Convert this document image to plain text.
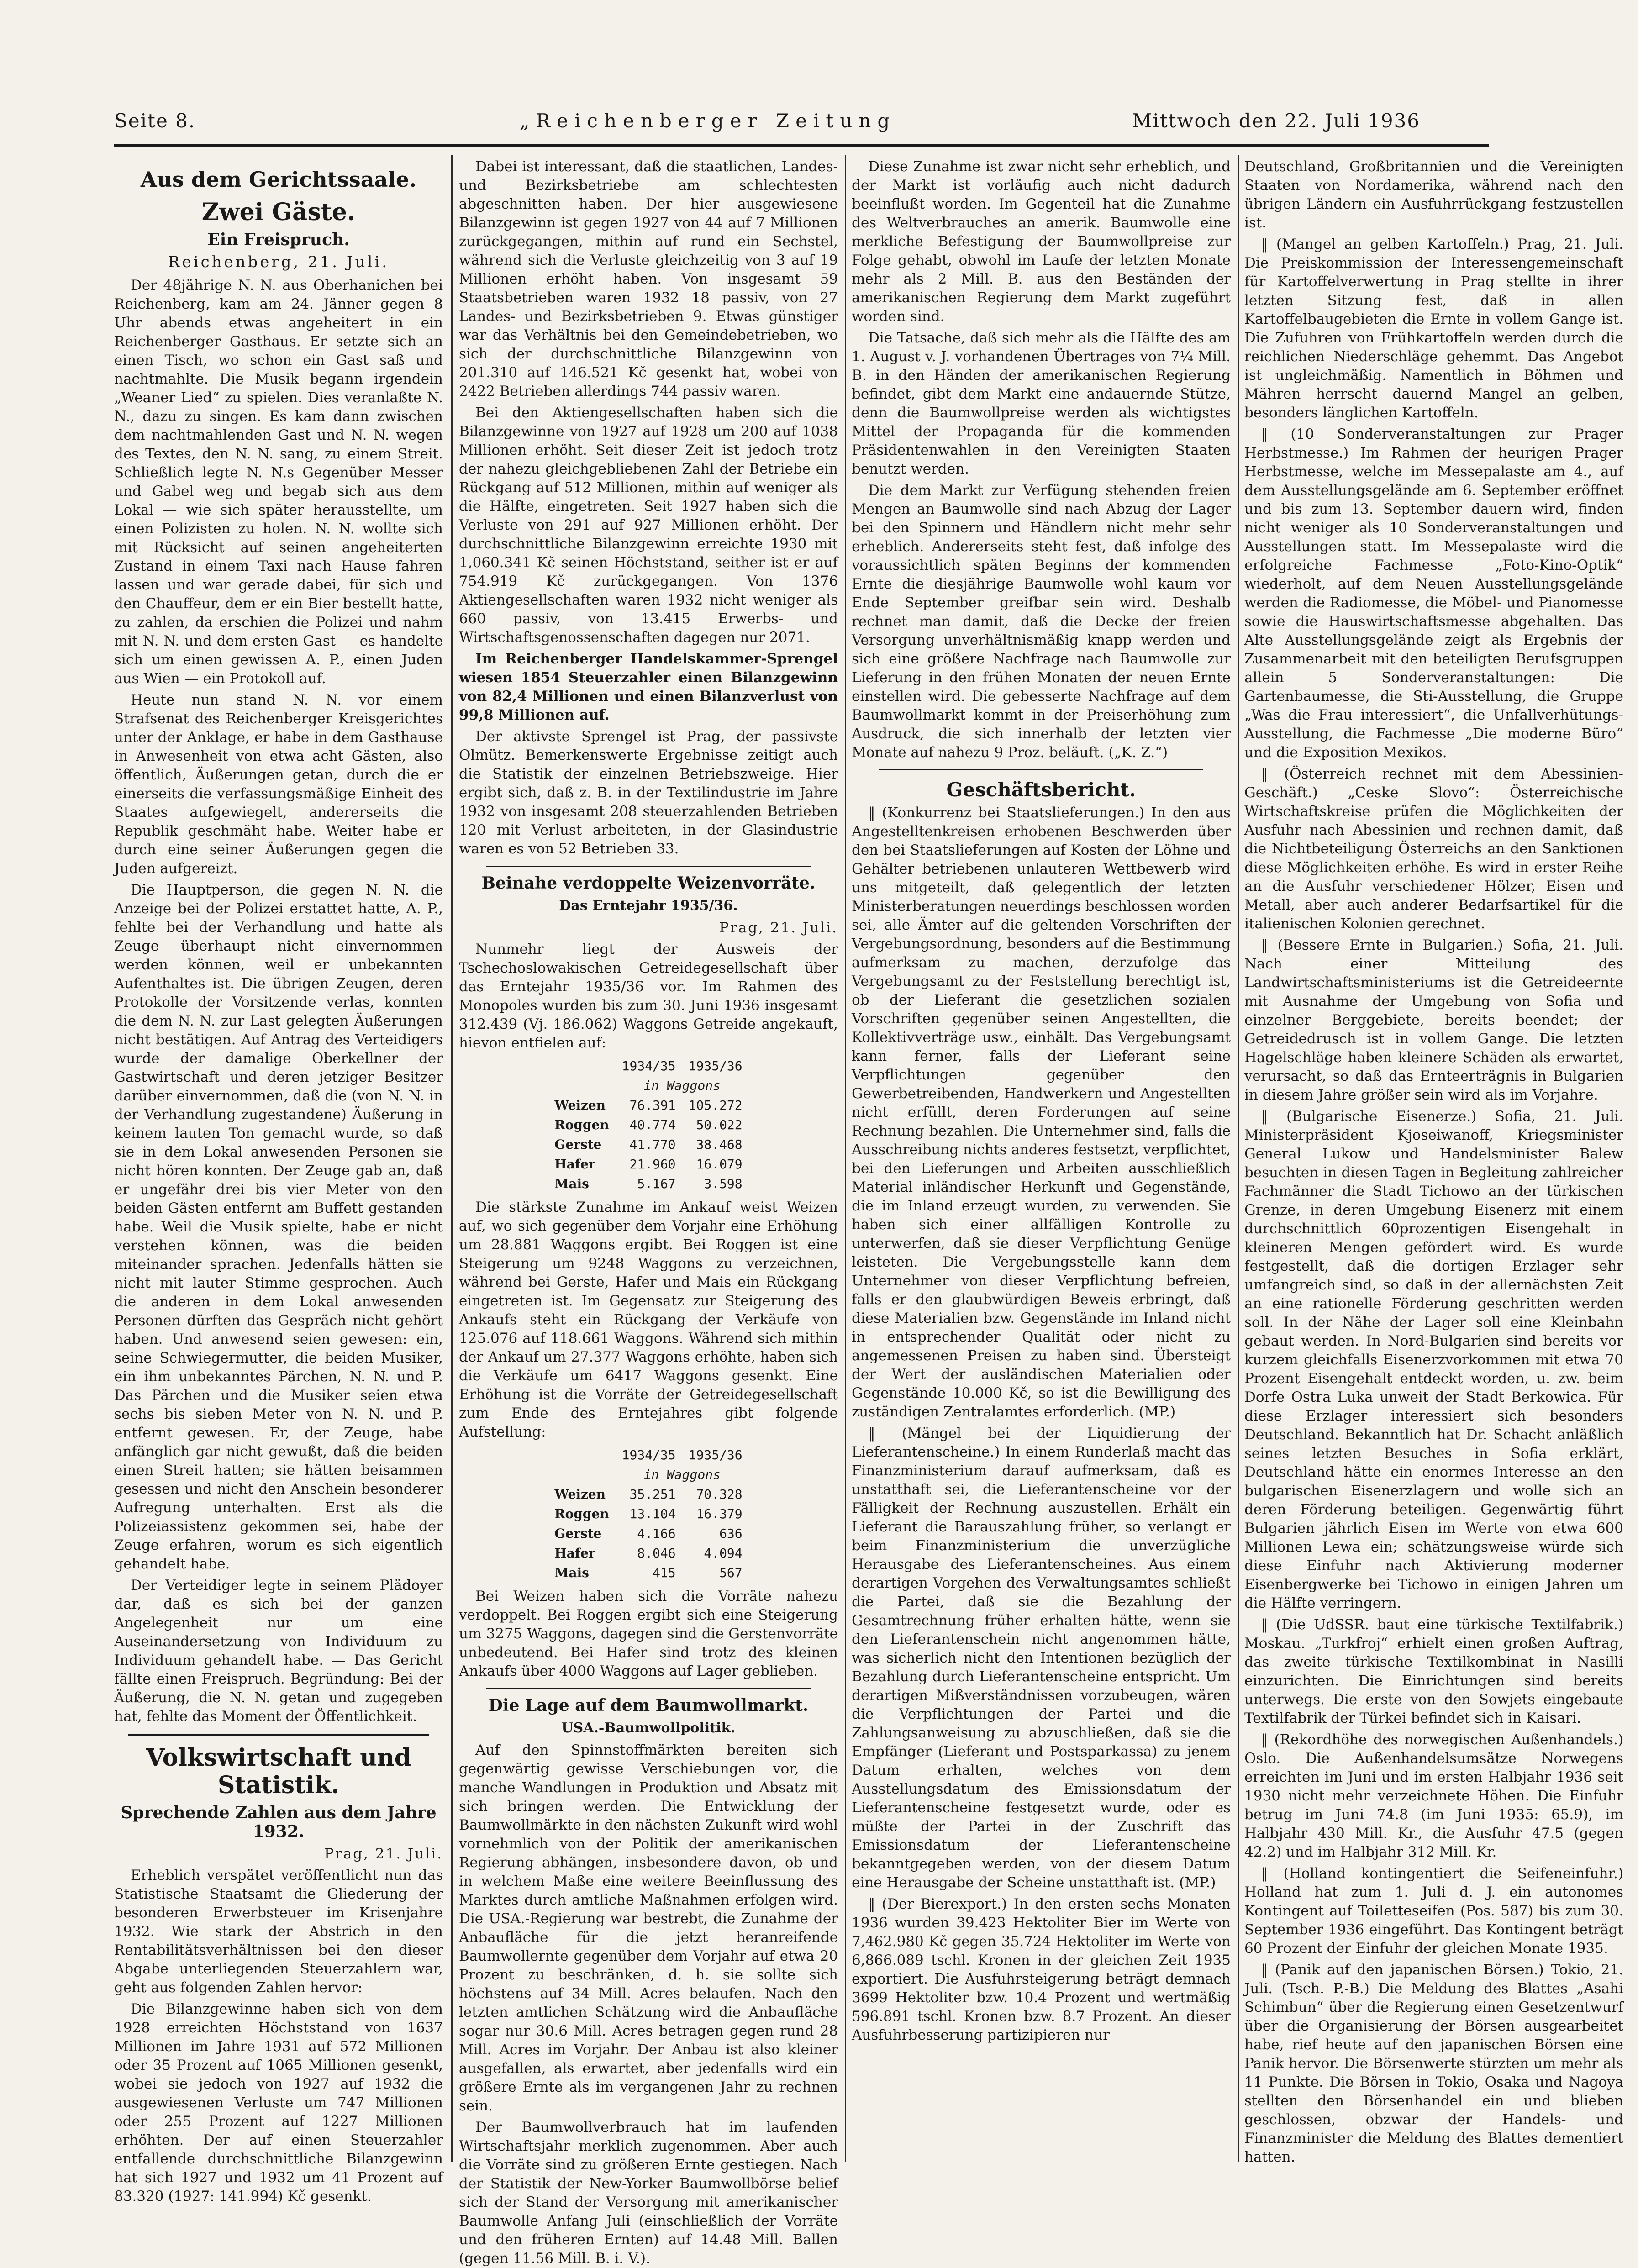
Seite 8.	„Reichenberger Zeitung	Mittwoch den 22. Juli 1936
Aus dem Gerichtssaale.
Zwei Gäste.
Ein Freispruch.
Reichenberg, 21. Juli.

Der 48jährige N. N. aus Oberhanichen bei Reichenberg, kam am 24. Jänner gegen 8 Uhr abends etwas angeheitert in ein Reichenberger Gasthaus. Er setzte sich an einen Tisch, wo schon ein Gast saß und nachtmahlte. Die Musik begann irgendein „Weaner Lied“ zu spielen. Dies veranlaßte N. N., dazu zu singen. Es kam dann zwischen dem nachtmahlenden Gast und N. N. wegen des Textes, den N. N. sang, zu einem Streit. Schließlich legte N. N.s Gegenüber Messer und Gabel weg und begab sich aus dem Lokal — wie sich später herausstellte, um einen Polizisten zu holen. N. N. wollte sich mit Rücksicht auf seinen angeheiterten Zustand in einem Taxi nach Hause fahren lassen und war gerade dabei, für sich und den Chauffeur, dem er ein Bier bestellt hatte, zu zahlen, da erschien die Polizei und nahm mit N. N. und dem ersten Gast — es handelte sich um einen gewissen A. P., einen Juden aus Wien — ein Protokoll auf.

Heute nun stand N. N. vor einem Strafsenat des Reichenberger Kreisgerichtes unter der Anklage, er habe in dem Gasthause in Anwesenheit von etwa acht Gästen, also öffentlich, Äußerungen getan, durch die er einerseits die verfassungsmäßige Einheit des Staates aufgewiegelt, andererseits die Republik geschmäht habe. Weiter habe er durch eine seiner Äußerungen gegen die Juden aufgereizt.

Die Hauptperson, die gegen N. N. die Anzeige bei der Polizei erstattet hatte, A. P., fehlte bei der Verhandlung und hatte als Zeuge überhaupt nicht einvernommen werden können, weil er unbekannten Aufenthaltes ist. Die übrigen Zeugen, deren Protokolle der Vorsitzende verlas, konnten die dem N. N. zur Last gelegten Äußerungen nicht bestätigen. Auf Antrag des Verteidigers wurde der damalige Oberkellner der Gastwirtschaft und deren jetziger Besitzer darüber einvernommen, daß die (von N. N. in der Verhandlung zugestandene) Äußerung in keinem lauten Ton gemacht wurde, so daß sie in dem Lokal anwesenden Personen sie nicht hören konnten. Der Zeuge gab an, daß er ungefähr drei bis vier Meter von den beiden Gästen entfernt am Buffett gestanden habe. Weil die Musik spielte, habe er nicht verstehen können, was die beiden miteinander sprachen. Jedenfalls hätten sie nicht mit lauter Stimme gesprochen. Auch die anderen in dem Lokal anwesenden Personen dürften das Gespräch nicht gehört haben. Und anwesend seien gewesen: ein, seine Schwiegermutter, die beiden Musiker, ein ihm unbekanntes Pärchen, N. N. und P. Das Pärchen und die Musiker seien etwa sechs bis sieben Meter von N. N. und P. entfernt gewesen. Er, der Zeuge, habe anfänglich gar nicht gewußt, daß die beiden einen Streit hatten; sie hätten beisammen gesessen und nicht den Anschein besonderer Aufregung unterhalten. Erst als die Polizeiassistenz gekommen sei, habe der Zeuge erfahren, worum es sich eigentlich gehandelt habe.

Der Verteidiger legte in seinem Plädoyer dar, daß es sich bei der ganzen Angelegenheit nur um eine Auseinandersetzung von Individuum zu Individuum gehandelt habe. — Das Gericht fällte einen Freispruch. Begründung: Bei der Äußerung, die N. N. getan und zugegeben hat, fehlte das Moment der Öffentlichkeit.

Volkswirtschaft und Statistik.
Sprechende Zahlen aus dem Jahre 1932.
Prag, 21. Juli.

Erheblich verspätet veröffentlicht nun das Statistische Staatsamt die Gliederung der besonderen Erwerbsteuer im Krisenjahre 1932. Wie stark der Abstrich in den Rentabilitätsverhältnissen bei den dieser Abgabe unterliegenden Steuerzahlern war, geht aus folgenden Zahlen hervor:

Die Bilanzgewinne haben sich von dem 1928 erreichten Höchststand von 1637 Millionen im Jahre 1931 auf 572 Millionen oder 35 Prozent auf 1065 Millionen gesenkt, wobei sie jedoch von 1927 auf 1932 die ausgewiesenen Verluste um 747 Millionen oder 255 Prozent auf 1227 Millionen erhöhten. Der auf einen Steuerzahler entfallende durchschnittliche Bilanzgewinn hat sich 1927 und 1932 um 41 Prozent auf 83.320 (1927: 141.994) Kč gesenkt.

Dabei ist interessant, daß die staatlichen, Landes- und Bezirksbetriebe am schlechtesten abgeschnitten haben. Der hier ausgewiesene Bilanzgewinn ist gegen 1927 von 44 auf 7 Millionen zurückgegangen, mithin auf rund ein Sechstel, während sich die Verluste gleichzeitig von 3 auf 19 Millionen erhöht haben. Von insgesamt 59 Staatsbetrieben waren 1932 18 passiv, von 27 Landes- und Bezirksbetrieben 9. Etwas günstiger war das Verhältnis bei den Gemeindebetrieben, wo sich der durchschnittliche Bilanzgewinn von 201.310 auf 146.521 Kč gesenkt hat, wobei von 2422 Betrieben allerdings 744 passiv waren.

Bei den Aktiengesellschaften haben sich die Bilanzgewinne von 1927 auf 1928 um 200 auf 1038 Millionen erhöht. Seit dieser Zeit ist jedoch trotz der nahezu gleichgebliebenen Zahl der Betriebe ein Rückgang auf 512 Millionen, mithin auf weniger als die Hälfte, eingetreten. Seit 1927 haben sich die Verluste von 291 auf 927 Millionen erhöht. Der durchschnittliche Bilanzgewinn erreichte 1930 mit 1,060.341 Kč seinen Höchststand, seither ist er auf 754.919 Kč zurückgegangen. Von 1376 Aktiengesellschaften waren 1932 nicht weniger als 660 passiv, von 13.415 Erwerbs- und Wirtschaftsgenossenschaften dagegen nur 2071.

Im Reichenberger Handelskammer-Sprengel wiesen 1854 Steuerzahler einen Bilanzgewinn von 82,4 Millionen und einen Bilanzverlust von 99,8 Millionen auf.

Der aktivste Sprengel ist Prag, der passivste Olmütz. Bemerkenswerte Ergebnisse zeitigt auch die Statistik der einzelnen Betriebszweige. Hier ergibt sich, daß z. B. in der Textilindustrie im Jahre 1932 von insgesamt 208 steuerzahlenden Betrieben 120 mit Verlust arbeiteten, in der Glasindustrie waren es von 52 Betrieben 33.

Beinahe verdoppelte Weizenvorräte.
Das Erntejahr 1935/36.
Prag, 21. Juli.

Nunmehr liegt der Ausweis der Tschechoslowakischen Getreidegesellschaft über das Erntejahr 1935/36 vor. Im Rahmen des Monopoles wurden bis zum 30. Juni 1936 insgesamt 312.439 (Vj. 186.062) Waggons Getreide angekauft, hievon entfielen auf:

	1934/35	1935/36
	in Waggons	
Weizen	76.391	105.272
Roggen	40.774	50.022
Gerste	41.770	38.468
Hafer	21.960	16.079
Mais	5.167	3.598

Die stärkste Zunahme im Ankauf weist Weizen auf, wo sich gegenüber dem Vorjahr eine Erhöhung um 28.881 Waggons ergibt. Bei Roggen ist eine Steigerung um 9248 Waggons zu verzeichnen, während bei Gerste, Hafer und Mais ein Rückgang eingetreten ist. Im Gegensatz zur Steigerung des Ankaufs steht ein Rückgang der Verkäufe von 125.076 auf 118.661 Waggons. Während sich mithin der Ankauf um 27.377 Waggons erhöhte, haben sich die Verkäufe um 6417 Waggons gesenkt. Eine Erhöhung ist die Vorräte der Getreidegesellschaft zum Ende des Erntejahres gibt folgende Aufstellung:

	1934/35	1935/36
	in Waggons	
Weizen	35.251	70.328
Roggen	13.104	16.379
Gerste	4.166	636
Hafer	8.046	4.094
Mais	415	567

Bei Weizen haben sich die Vorräte nahezu verdoppelt. Bei Roggen ergibt sich eine Steigerung um 3275 Waggons, dagegen sind die Gerstenvorräte unbedeutend. Bei Hafer sind trotz des kleinen Ankaufs über 4000 Waggons auf Lager geblieben.

Die Lage auf dem Baumwollmarkt.
USA.-Baumwollpolitik.

Auf den Spinnstoffmärkten bereiten sich gegenwärtig gewisse Verschiebungen vor, die manche Wandlungen in Produktion und Absatz mit sich bringen werden. Die Entwicklung der Baumwollmärkte in den nächsten Zukunft wird wohl vornehmlich von der Politik der amerikanischen Regierung abhängen, insbesondere davon, ob und in welchem Maße eine weitere Beeinflussung des Marktes durch amtliche Maßnahmen erfolgen wird. Die USA.-Regierung war bestrebt, die Zunahme der Anbaufläche für die jetzt heranreifende Baumwollernte gegenüber dem Vorjahr auf etwa 20 Prozent zu beschränken, d. h. sie sollte sich höchstens auf 34 Mill. Acres belaufen. Nach den letzten amtlichen Schätzung wird die Anbaufläche sogar nur 30.6 Mill. Acres betragen gegen rund 28 Mill. Acres im Vorjahr. Der Anbau ist also kleiner ausgefallen, als erwartet, aber jedenfalls wird ein größere Ernte als im vergangenen Jahr zu rechnen sein.

Der Baumwollverbrauch hat im laufenden Wirtschaftsjahr merklich zugenommen. Aber auch die Vorräte sind zu größeren Ernte gestiegen. Nach der Statistik der New-Yorker Baumwollbörse belief sich der Stand der Versorgung mit amerikanischer Baumwolle Anfang Juli (einschließlich der Vorräte und den früheren Ernten) auf 14.48 Mill. Ballen (gegen 11.56 Mill. B. i. V.).

Diese Zunahme ist zwar nicht sehr erheblich, und der Markt ist vorläufig auch nicht dadurch beeinflußt worden. Im Gegenteil hat die Zunahme des Weltverbrauches an amerik. Baumwolle eine merkliche Befestigung der Baumwollpreise zur Folge gehabt, obwohl im Laufe der letzten Monate mehr als 2 Mill. B. aus den Beständen der amerikanischen Regierung dem Markt zugeführt worden sind.

Die Tatsache, daß sich mehr als die Hälfte des am 1. August v. J. vorhandenen Übertrages von 7¼ Mill. B. in den Händen der amerikanischen Regierung befindet, gibt dem Markt eine andauernde Stütze, denn die Baumwollpreise werden als wichtigstes Mittel der Propaganda für die kommenden Präsidentenwahlen in den Vereinigten Staaten benutzt werden.

Die dem Markt zur Verfügung stehenden freien Mengen an Baumwolle sind nach Abzug der Lager bei den Spinnern und Händlern nicht mehr sehr erheblich. Andererseits steht fest, daß infolge des voraussichtlich späten Beginns der kommenden Ernte die diesjährige Baumwolle wohl kaum vor Ende September greifbar sein wird. Deshalb rechnet man damit, daß die Decke der freien Versorgung unverhältnismäßig knapp werden und sich eine größere Nachfrage nach Baumwolle zur Lieferung in den frühen Monaten der neuen Ernte einstellen wird. Die gebesserte Nachfrage auf dem Baumwollmarkt kommt in der Preiserhöhung zum Ausdruck, die sich innerhalb der letzten vier Monate auf nahezu 9 Proz. beläuft. („K. Z.“)

Geschäftsbericht.

‖ (Konkurrenz bei Staatslieferungen.) In den aus Angestelltenkreisen erhobenen Beschwerden über den bei Staatslieferungen auf Kosten der Löhne und Gehälter betriebenen unlauteren Wettbewerb wird uns mitgeteilt, daß gelegentlich der letzten Ministerberatungen neuerdings beschlossen worden sei, alle Ämter auf die geltenden Vorschriften der Vergebungsordnung, besonders auf die Bestimmung aufmerksam zu machen, derzufolge das Vergebungsamt zu der Feststellung berechtigt ist, ob der Lieferant die gesetzlichen sozialen Vorschriften gegenüber seinen Angestellten, die Kollektivverträge usw., einhält. Das Vergebungsamt kann ferner, falls der Lieferant seine Verpflichtungen gegenüber den Gewerbetreibenden, Handwerkern und Angestellten nicht erfüllt, deren Forderungen auf seine Rechnung bezahlen. Die Unternehmer sind, falls die Ausschreibung nichts anderes festsetzt, verpflichtet, bei den Lieferungen und Arbeiten ausschließlich Material inländischer Herkunft und Gegenstände, die im Inland erzeugt wurden, zu verwenden. Sie haben sich einer allfälligen Kontrolle zu unterwerfen, daß sie dieser Verpflichtung Genüge leisteten. Die Vergebungsstelle kann dem Unternehmer von dieser Verpflichtung befreien, falls er den glaubwürdigen Beweis erbringt, daß diese Materialien bzw. Gegenstände im Inland nicht in entsprechender Qualität oder nicht zu angemessenen Preisen zu haben sind. Übersteigt der Wert der ausländischen Materialien oder Gegenstände 10.000 Kč, so ist die Bewilligung des zuständigen Zentralamtes erforderlich. (MP.)

‖ (Mängel bei der Liquidierung der Lieferantenscheine.) In einem Runderlaß macht das Finanzministerium darauf aufmerksam, daß es unstatthaft sei, die Lieferantenscheine vor der Fälligkeit der Rechnung auszustellen. Erhält ein Lieferant die Barauszahlung früher, so verlangt er beim Finanzministerium die unverzügliche Herausgabe des Lieferantenscheines. Aus einem derartigen Vorgehen des Verwaltungsamtes schließt die Partei, daß sie die Bezahlung der Gesamtrechnung früher erhalten hätte, wenn sie den Lieferantenschein nicht angenommen hätte, was sicherlich nicht den Intentionen bezüglich der Bezahlung durch Lieferantenscheine entspricht. Um derartigen Mißverständnissen vorzubeugen, wären die Verpflichtungen der Partei und die Zahlungsanweisung zu abzuschließen, daß sie die Empfänger (Lieferant und Postsparkassa) zu jenem Datum erhalten, welches von dem Ausstellungsdatum des Emissionsdatum der Lieferantenscheine festgesetzt wurde, oder es müßte der Partei in der Zuschrift das Emissionsdatum der Lieferantenscheine bekanntgegeben werden, von der diesem Datum eine Herausgabe der Scheine unstatthaft ist. (MP.)

‖ (Der Bierexport.) In den ersten sechs Monaten 1936 wurden 39.423 Hektoliter Bier im Werte von 7,462.980 Kč gegen 35.724 Hektoliter im Werte von 6,866.089 tschl. Kronen in der gleichen Zeit 1935 exportiert. Die Ausfuhrsteigerung beträgt demnach 3699 Hektoliter bzw. 10.4 Prozent und wertmäßig 596.891 tschl. Kronen bzw. 8.7 Prozent. An dieser Ausfuhrbesserung partizipieren nur

Deutschland, Großbritannien und die Vereinigten Staaten von Nordamerika, während nach den übrigen Ländern ein Ausfuhrrückgang festzustellen ist.

‖ (Mangel an gelben Kartoffeln.) Prag, 21. Juli. Die Preiskommission der Interessengemeinschaft für Kartoffelverwertung in Prag stellte in ihrer letzten Sitzung fest, daß in allen Kartoffelbaugebieten die Ernte in vollem Gange ist. Die Zufuhren von Frühkartoffeln werden durch die reichlichen Niederschläge gehemmt. Das Angebot ist ungleichmäßig. Namentlich in Böhmen und Mähren herrscht dauernd Mangel an gelben, besonders länglichen Kartoffeln.

‖ (10 Sonderveranstaltungen zur Prager Herbstmesse.) Im Rahmen der heurigen Prager Herbstmesse, welche im Messepalaste am 4., auf dem Ausstellungsgelände am 6. September eröffnet und bis zum 13. September dauern wird, finden nicht weniger als 10 Sonderveranstaltungen und Ausstellungen statt. Im Messepalaste wird die erfolgreiche Fachmesse „Foto-Kino-Optik“ wiederholt, auf dem Neuen Ausstellungsgelände werden die Radiomesse, die Möbel- und Pianomesse sowie die Hauswirtschaftsmesse abgehalten. Das Alte Ausstellungsgelände zeigt als Ergebnis der Zusammenarbeit mit den beteiligten Berufsgruppen allein 5 Sonderveranstaltungen: Die Gartenbaumesse, die Sti-Ausstellung, die Gruppe „Was die Frau interessiert“, die Unfallverhütungs-Ausstellung, die Fachmesse „Die moderne Büro“ und die Exposition Mexikos.

‖ (Österreich rechnet mit dem Abessinien-Geschäft.) „Ceske Slovo“: Österreichische Wirtschaftskreise prüfen die Möglichkeiten der Ausfuhr nach Abessinien und rechnen damit, daß die Nichtbeteiligung Österreichs an den Sanktionen diese Möglichkeiten erhöhe. Es wird in erster Reihe an die Ausfuhr verschiedener Hölzer, Eisen und Metall, aber auch anderer Bedarfsartikel für die italienischen Kolonien gerechnet.

‖ (Bessere Ernte in Bulgarien.) Sofia, 21. Juli. Nach einer Mitteilung des Landwirtschaftsministeriums ist die Getreideernte mit Ausnahme der Umgebung von Sofia und einzelner Berggebiete, bereits beendet; der Getreidedrusch ist in vollem Gange. Die letzten Hagelschläge haben kleinere Schäden als erwartet, verursacht, so daß das Ernteerträgnis in Bulgarien in diesem Jahre größer sein wird als im Vorjahre.

‖ (Bulgarische Eisenerze.) Sofia, 21. Juli. Ministerpräsident Kjoseiwanoff, Kriegsminister General Lukow und Handelsminister Balew besuchten in diesen Tagen in Begleitung zahlreicher Fachmänner die Stadt Tichowo an der türkischen Grenze, in deren Umgebung Eisenerz mit einem durchschnittlich 60prozentigen Eisengehalt in kleineren Mengen gefördert wird. Es wurde festgestellt, daß die dortigen Erzlager sehr umfangreich sind, so daß in der allernächsten Zeit an eine rationelle Förderung geschritten werden soll. In der Nähe der Lager soll eine Kleinbahn gebaut werden. In Nord-Bulgarien sind bereits vor kurzem gleichfalls Eisenerzvorkommen mit etwa 70 Prozent Eisengehalt entdeckt worden, u. zw. beim Dorfe Ostra Luka unweit der Stadt Berkowica. Für diese Erzlager interessiert sich besonders Deutschland. Bekanntlich hat Dr. Schacht anläßlich seines letzten Besuches in Sofia erklärt, Deutschland hätte ein enormes Interesse an den bulgarischen Eisenerzlagern und wolle sich an deren Förderung beteiligen. Gegenwärtig führt Bulgarien jährlich Eisen im Werte von etwa 600 Millionen Lewa ein; schätzungsweise würde sich diese Einfuhr nach Aktivierung moderner Eisenbergwerke bei Tichowo in einigen Jahren um die Hälfte verringern.

‖ (Die UdSSR. baut eine türkische Textilfabrik.) Moskau. „Turkfroj“ erhielt einen großen Auftrag, das zweite türkische Textilkombinat in Nasilli einzurichten. Die Einrichtungen sind bereits unterwegs. Die erste von den Sowjets eingebaute Textilfabrik der Türkei befindet sich in Kaisari.

‖ (Rekordhöhe des norwegischen Außenhandels.) Oslo. Die Außenhandelsumsätze Norwegens erreichten im Juni und im ersten Halbjahr 1936 seit 1930 nicht mehr verzeichnete Höhen. Die Einfuhr betrug im Juni 74.8 (im Juni 1935: 65.9), im Halbjahr 430 Mill. Kr., die Ausfuhr 47.5 (gegen 42.2) und im Halbjahr 312 Mill. Kr.

‖ (Holland kontingentiert die Seifeneinfuhr.) Holland hat zum 1. Juli d. J. ein autonomes Kontingent auf Toiletteseifen (Pos. 587) bis zum 30. September 1936 eingeführt. Das Kontingent beträgt 60 Prozent der Einfuhr der gleichen Monate 1935.

‖ (Panik auf den japanischen Börsen.) Tokio, 21. Juli. (Tsch. P.-B.) Die Meldung des Blattes „Asahi Schimbun“ über die Regierung einen Gesetzentwurf über die Organisierung der Börsen ausgearbeitet habe, rief heute auf den japanischen Börsen eine Panik hervor. Die Börsenwerte stürzten um mehr als 11 Punkte. Die Börsen in Tokio, Osaka und Nagoya stellten den Börsenhandel ein und blieben geschlossen, obzwar der Handels- und Finanzminister die Meldung des Blattes dementiert hatten.
